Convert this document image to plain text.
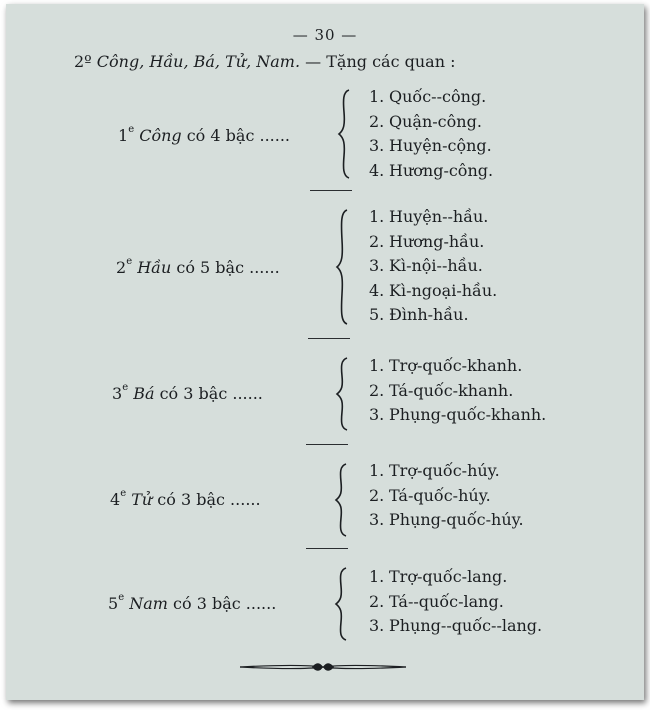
— 30 —
2º Công, Hầu, Bá, Tử, Nam. — Tặng các quan :
1e Công có 4 bậc ......
1. Quốc--công.
2. Quận-công.
3. Huyện-cộng.
4. Hương-công.
2e Hầu có 5 bậc ......
1. Huyện--hầu.
2. Hương-hầu.
3. Kì-nội--hầu.
4. Kì-ngoại-hầu.
5. Đình-hầu.
3e Bá có 3 bậc ......
1. Trợ-quốc-khanh.
2. Tá-quốc-khanh.
3. Phụng-quốc-khanh.
4e Tử có 3 bậc ......
1. Trợ-quốc-húy.
2. Tá-quốc-húy.
3. Phụng-quốc-húy.
5e Nam có 3 bậc ......
1. Trợ-quốc-lang.
2. Tá--quốc-lang.
3. Phụng--quốc--lang.
